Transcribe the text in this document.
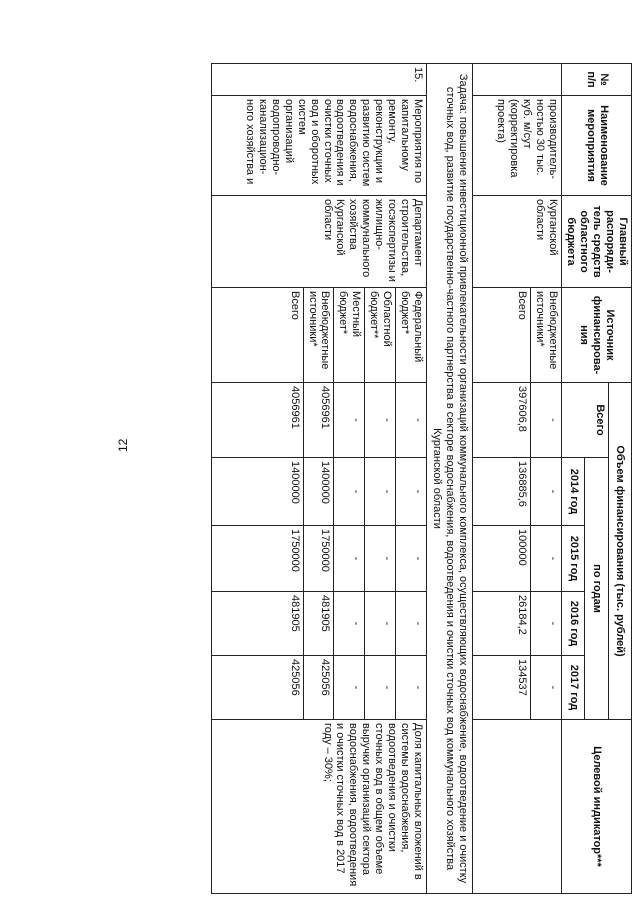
12
№ п/п	Наименование мероприятия	Главный распоряди-тель средств областного бюджета	Источник финансирова-ния	Объем финансирования (тыс. рублей)					Целевой индикатор***
				Всего	по годам				
					2014 год	2015 год	2016 год	2017 год	
	производитель-ностью 30 тыс. куб. м/сут (корректировка проекта)	Курганской области	Внебюджетные источники*	-	-	-	-	-	
			Всего	397606,8	136885,6	100000	26184,2	134537	
Задача: повышение инвестиционной привлекательности организаций коммунального комплекса, осуществляющих водоснабжение, водоотведение и очистку сточных вод, развитие государственно-частного партнерства в секторе водоснабжения, водоотведения и очистки сточных вод коммунального хозяйства Курганской области									
15.	Мероприятия по капитальному ремонту, реконструкции и развитию систем водоснабжения, водоотведения и очистки сточных вод и оборотных систем организаций водопроводно-канализацион-ного хозяйства и	Департамент строительства, госэкспертизы и жилищно-коммунального хозяйства Курганской области	Федеральный бюджет*	-	-	-	-	-	Доля капитальных вложений в системы водоснабжения, водоотведения и очистки сточных вод в общем объеме выручки организаций сектора водоснабжения, водоотведения и очистки сточных вод в 2017 году – 30%;
			Областной бюджет**	-	-	-	-	-	
			Местный бюджет*	-	-	-	-	-	
			Внебюджетные источники*	4056961	1400000	1750000	481905	425056	
			Всего	4056961	1400000	1750000	481905	425056	
